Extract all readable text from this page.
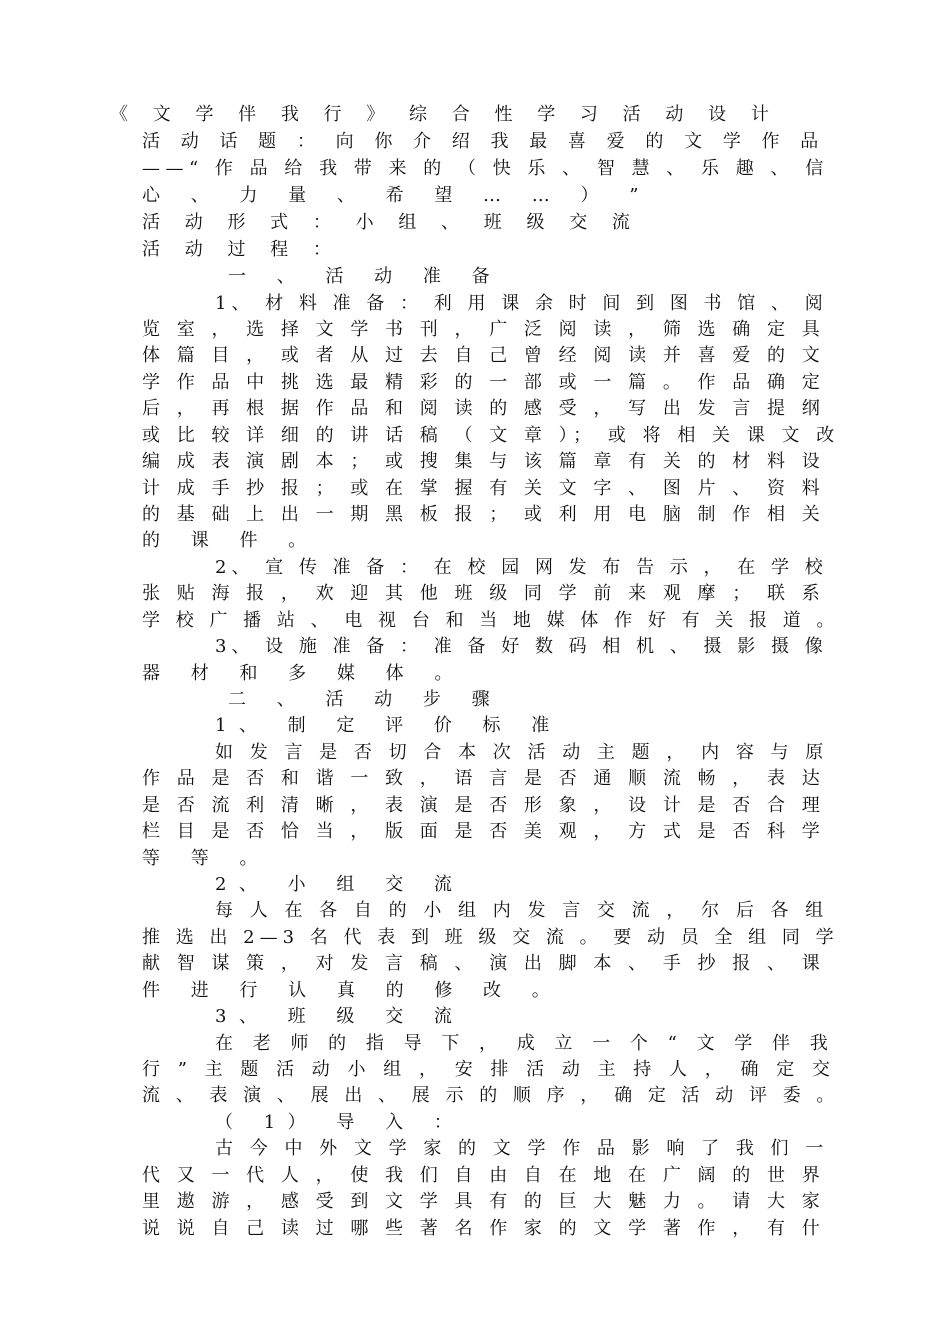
《 文 学 伴 我 行 》 综 合 性 学 习 活 动 设 计
活 动 话 题 ： 向 你 介 绍 我 最 喜 爱 的 文 学 作 品
——“ 作 品 给 我 带 来 的 （ 快 乐 、 智 慧 、 乐 趣 、 信
心 、 力 量 、 希 望 … … ） ”
活 动 形 式 ： 小 组 、 班 级 交 流
活 动 过 程 ：
一 、 活 动 准 备
1、 材 料 准 备 ： 利 用 课 余 时 间 到 图 书 馆 、 阅
览 室 ， 选 择 文 学 书 刊 ， 广 泛 阅 读 ， 筛 选 确 定 具
体 篇 目 ， 或 者 从 过 去 自 己 曾 经 阅 读 并 喜 爱 的 文
学 作 品 中 挑 选 最 精 彩 的 一 部 或 一 篇 。 作 品 确 定
后 ， 再 根 据 作 品 和 阅 读 的 感 受 ， 写 出 发 言 提 纲
或 比 较 详 细 的 讲 话 稿 （ 文 章 ）； 或 将 相 关 课 文 改
编 成 表 演 剧 本 ； 或 搜 集 与 该 篇 章 有 关 的 材 料 设
计 成 手 抄 报 ； 或 在 掌 握 有 关 文 字 、 图 片 、 资 料
的 基 础 上 出 一 期 黑 板 报 ； 或 利 用 电 脑 制 作 相 关
的 课 件 。
2、 宣 传 准 备 ： 在 校 园 网 发 布 告 示 ， 在 学 校
张 贴 海 报 ， 欢 迎 其 他 班 级 同 学 前 来 观 摩 ； 联 系
学 校 广 播 站 、 电 视 台 和 当 地 媒 体 作 好 有 关 报 道 。
3、 设 施 准 备 ： 准 备 好 数 码 相 机 、 摄 影 摄 像
器 材 和 多 媒 体 。
二 、 活 动 步 骤
1、 制 定 评 价 标 准
如 发 言 是 否 切 合 本 次 活 动 主 题 ， 内 容 与 原
作 品 是 否 和 谐 一 致 ， 语 言 是 否 通 顺 流 畅 ， 表 达
是 否 流 利 清 晰 ， 表 演 是 否 形 象 ， 设 计 是 否 合 理
栏 目 是 否 恰 当 ， 版 面 是 否 美 观 ， 方 式 是 否 科 学
等 等 。
2、 小 组 交 流
每 人 在 各 自 的 小 组 内 发 言 交 流 ， 尔 后 各 组
推 选 出 2—3 名 代 表 到 班 级 交 流 。 要 动 员 全 组 同 学
献 智 谋 策 ， 对 发 言 稿 、 演 出 脚 本 、 手 抄 报 、 课
件 进 行 认 真 的 修 改 。
3、 班 级 交 流
在 老 师 的 指 导 下 ， 成 立 一 个 “ 文 学 伴 我
行 ” 主 题 活 动 小 组 ， 安 排 活 动 主 持 人 ， 确 定 交
流 、 表 演 、 展 出 、 展 示 的 顺 序 ， 确 定 活 动 评 委 。
（ 1） 导 入 ：
古 今 中 外 文 学 家 的 文 学 作 品 影 响 了 我 们 一
代 又 一 代 人 ， 使 我 们 自 由 自 在 地 在 广 阔 的 世 界
里 遨 游 ， 感 受 到 文 学 具 有 的 巨 大 魅 力 。 请 大 家
说 说 自 己 读 过 哪 些 著 名 作 家 的 文 学 著 作 ， 有 什
